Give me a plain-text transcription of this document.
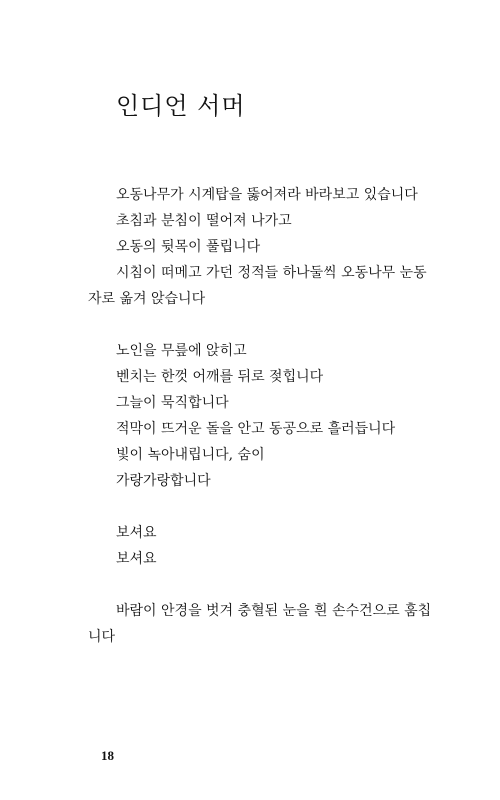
인디언 서머
오동나무가 시계탑을 뚫어져라 바라보고 있습니다
초침과 분침이 떨어져 나가고
오동의 뒷목이 풀립니다
시침이 떠메고 가던 정적들 하나둘씩 오동나무 눈동
자로 옮겨 앉습니다
노인을 무릎에 앉히고
벤치는 한껏 어깨를 뒤로 젖힙니다
그늘이 묵직합니다
적막이 뜨거운 돌을 안고 동공으로 흘러듭니다
빛이 녹아내립니다, 숨이
가랑가랑합니다
보셔요
보셔요
바람이 안경을 벗겨 충혈된 눈을 흰 손수건으로 훔칩
니다
18
